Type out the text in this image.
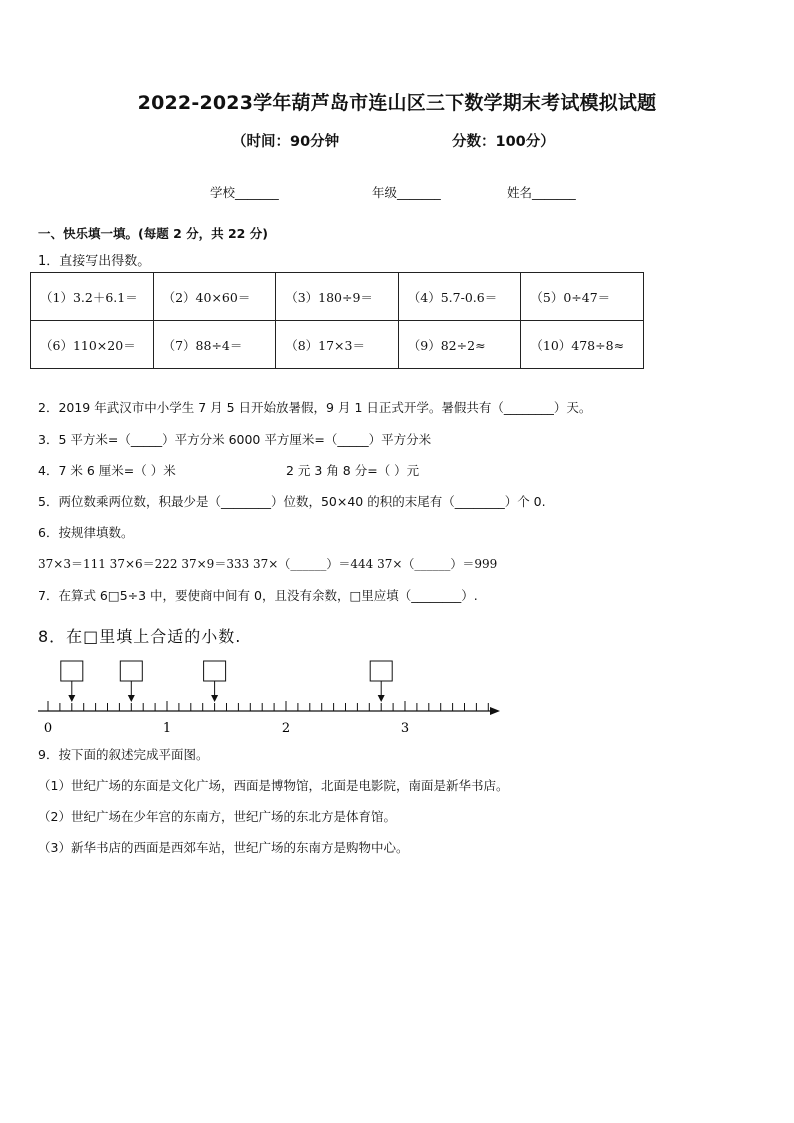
2022-2023学年葫芦岛市连山区三下数学期末考试模拟试题
（时间：90分钟	分数：100分）
学校_______	年级_______	姓名_______
一、快乐填一填。(每题 2 分，共 22 分)
1．直接写出得数。
（1）3.2＋6.1＝	（2）40×60＝	（3）180÷9＝	（4）5.7-0.6＝	（5）0÷47＝
（6）110×20＝	（7）88÷4＝	（8）17×3＝	（9）82÷2≈	（10）478÷8≈
2．2019 年武汉市中小学生 7 月 5 日开始放暑假，9 月 1 日正式开学。暑假共有（________）天。
3．5 平方米=（_____）平方分米 6000 平方厘米=（_____）平方分米
4．7 米 6 厘米=（ ）米	2 元 3 角 8 分=（ ）元
5．两位数乘两位数，积最少是（________）位数，50×40 的积的末尾有（________）个 0.
6．按规律填数。
37×3＝111 37×6＝222 37×9＝333 37×（______）＝444 37×（______）＝999
7．在算式 6□5÷3 中，要使商中间有 0，且没有余数，□里应填（________）.
8．在□里填上合适的小数.
0	1	2	3
9．按下面的叙述完成平面图。
（1）世纪广场的东面是文化广场，西面是博物馆，北面是电影院，南面是新华书店。
（2）世纪广场在少年宫的东南方，世纪广场的东北方是体育馆。
（3）新华书店的西面是西郊车站，世纪广场的东南方是购物中心。
